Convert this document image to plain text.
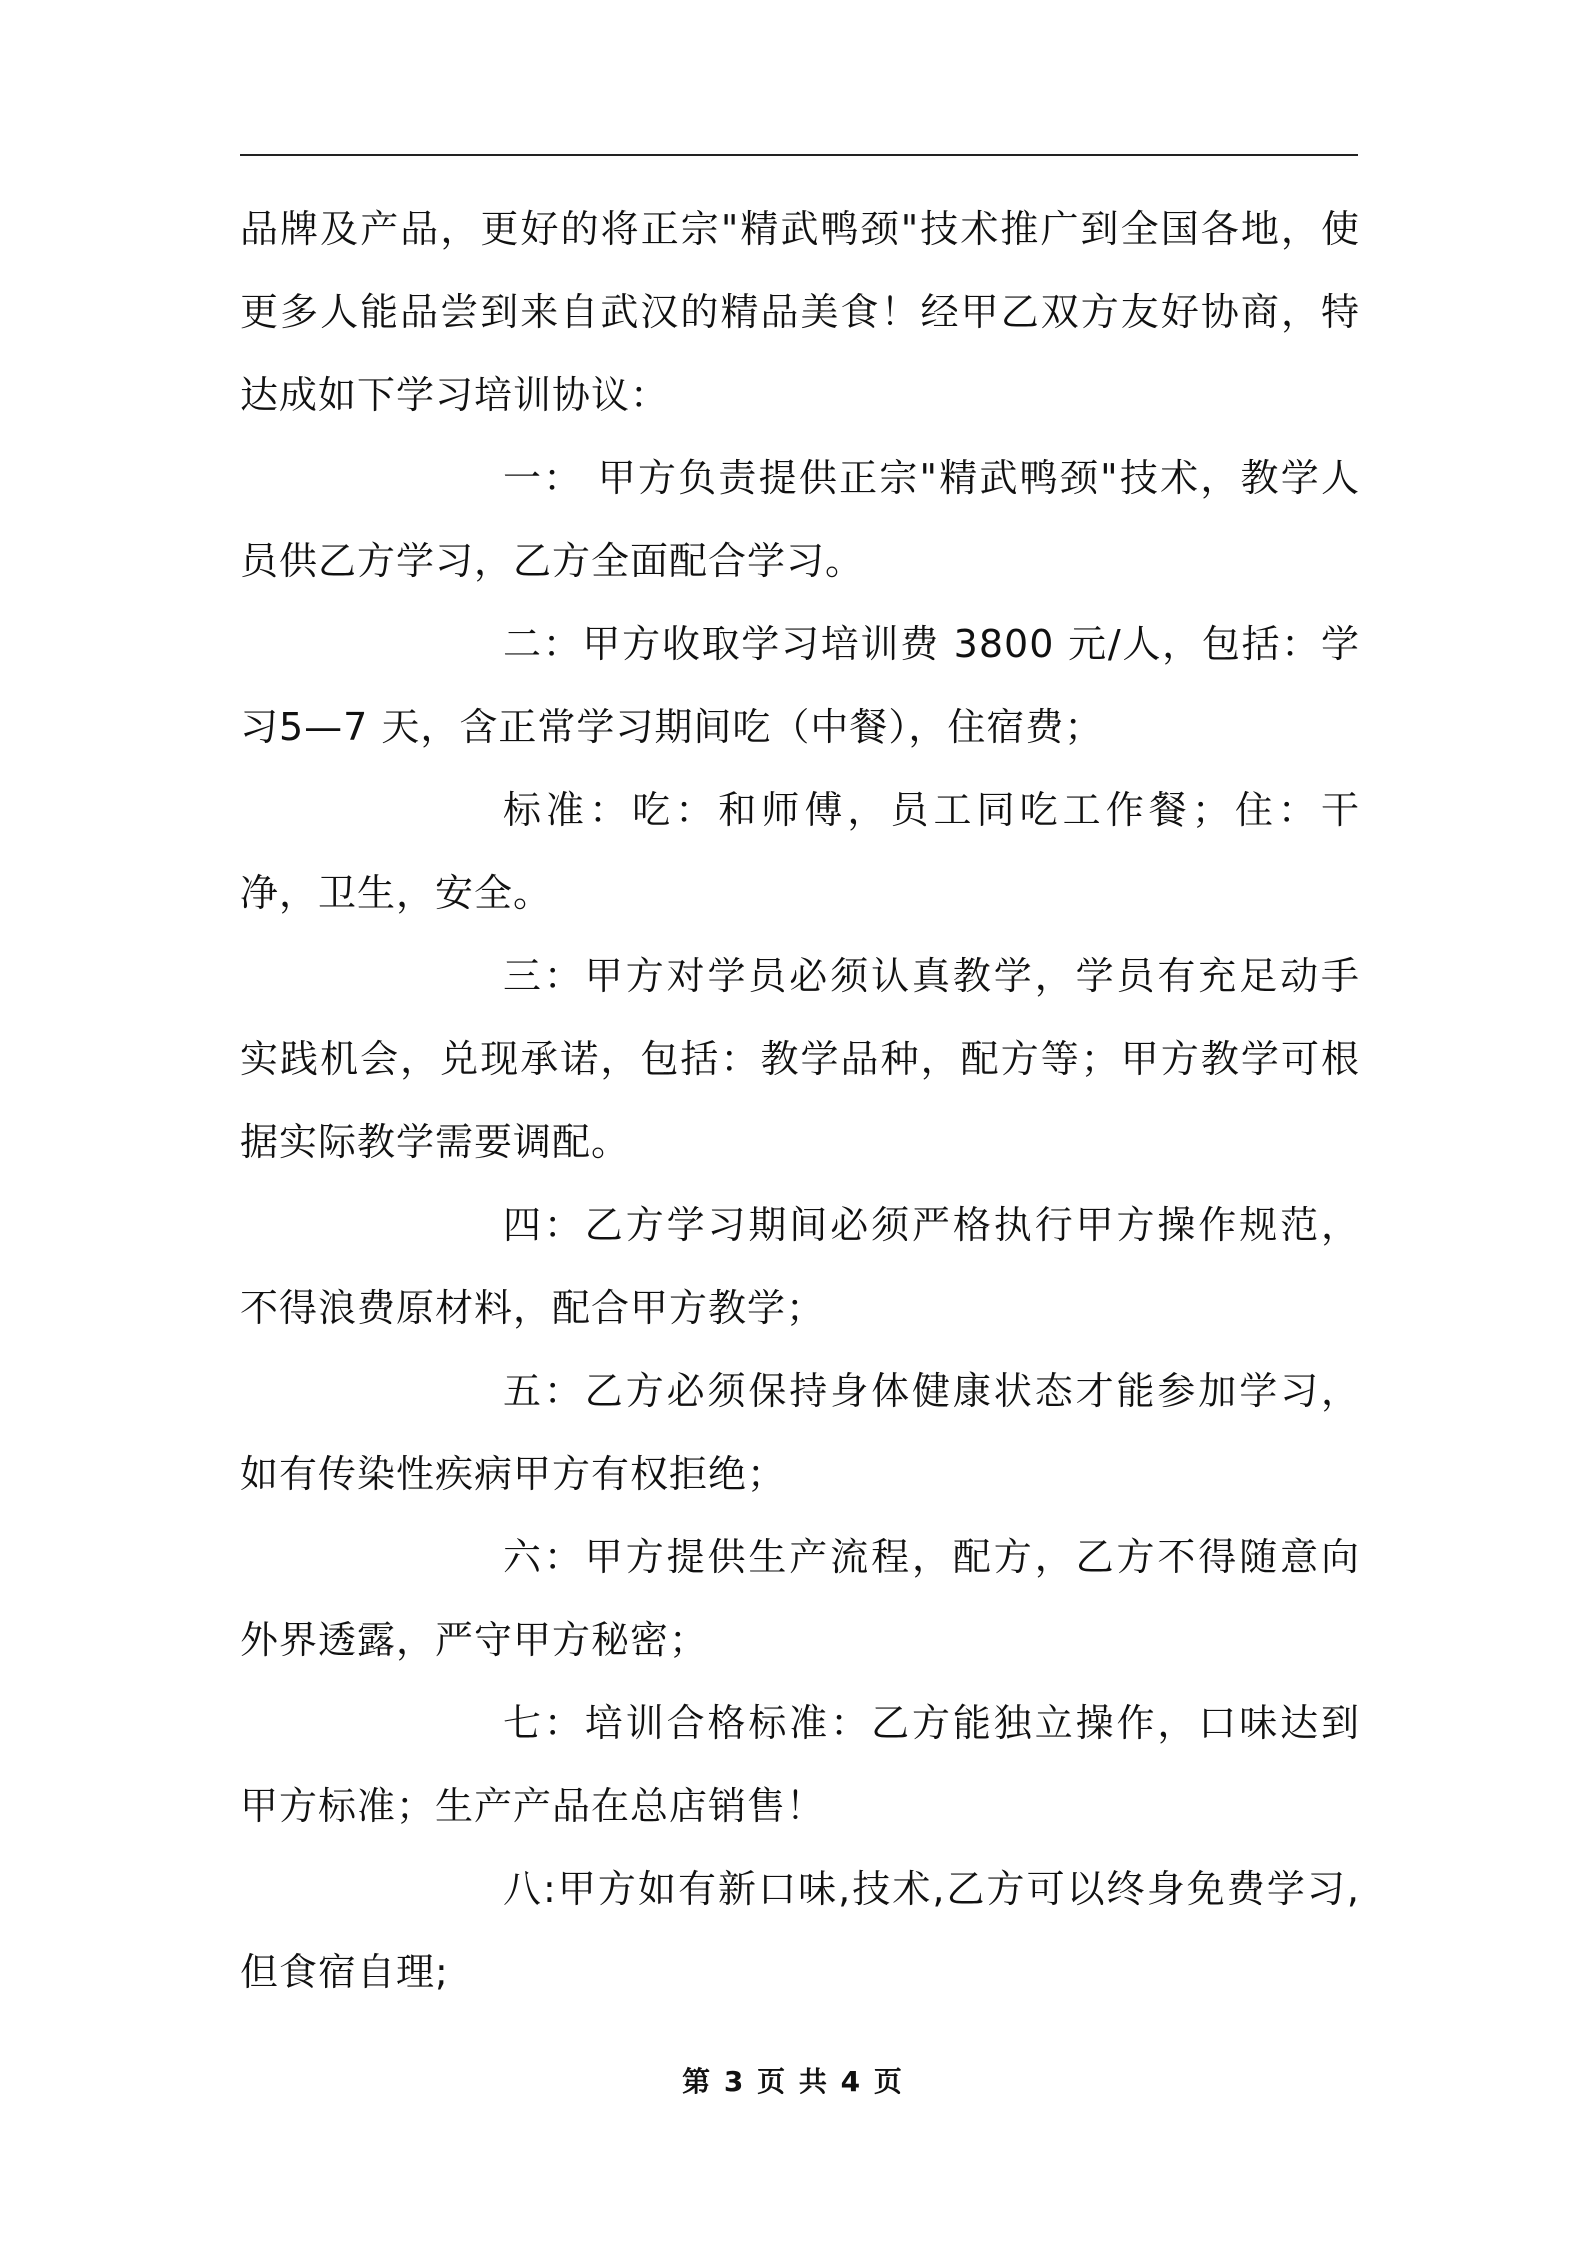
品牌及产品，更好的将正宗"精武鸭颈"技术推广到全国各地，使更多人能品尝到来自武汉的精品美食！经甲乙双方友好协商，特达成如下学习培训协议：

一： 甲方负责提供正宗"精武鸭颈"技术，教学人员供乙方学习，乙方全面配合学习。

二：甲方收取学习培训费 3800 元/人，包括：学习5—7 天，含正常学习期间吃（中餐），住宿费；

标准：吃：和师傅，员工同吃工作餐；住：干净，卫生，安全。

三：甲方对学员必须认真教学，学员有充足动手实践机会，兑现承诺，包括：教学品种，配方等；甲方教学可根据实际教学需要调配。

四：乙方学习期间必须严格执行甲方操作规范，不得浪费原材料，配合甲方教学；

五：乙方必须保持身体健康状态才能参加学习，如有传染性疾病甲方有权拒绝；

六：甲方提供生产流程，配方，乙方不得随意向外界透露，严守甲方秘密；

七：培训合格标准：乙方能独立操作，口味达到甲方标准；生产产品在总店销售！

八:甲方如有新口味,技术,乙方可以终身免费学习,但食宿自理;

第 3 页 共 4 页
